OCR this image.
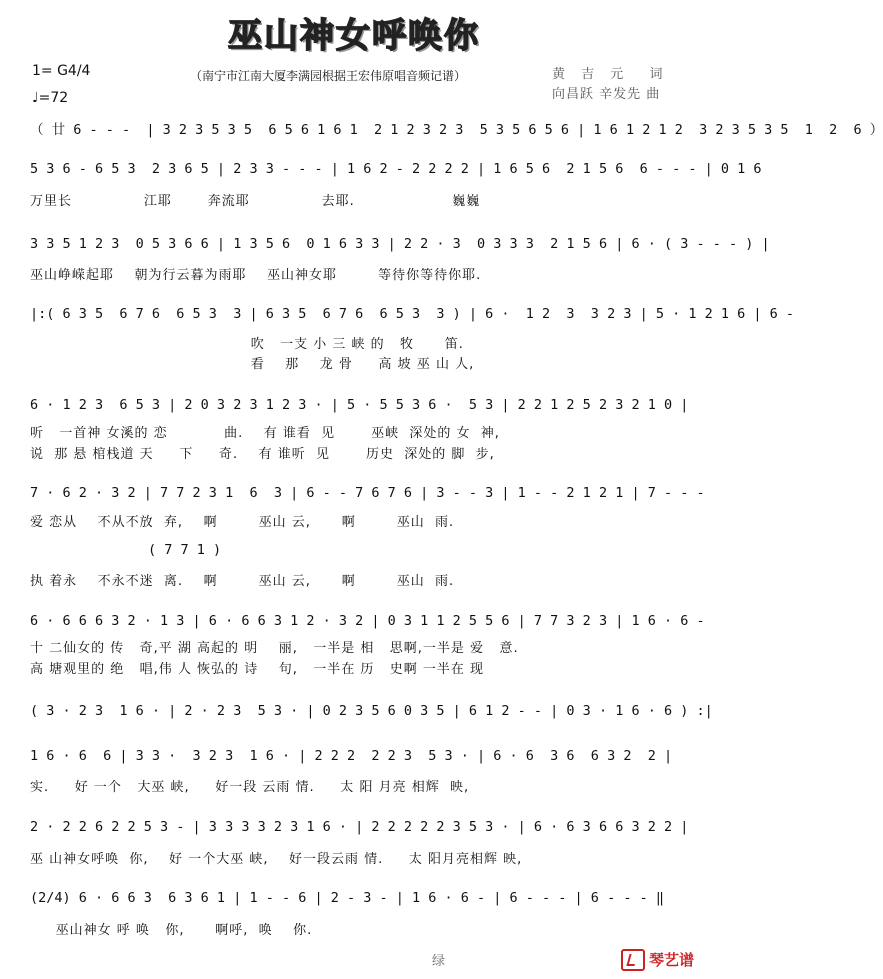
巫山神女呼唤你
1= G4/4
♩=72
（南宁市江南大厦李满园根据王宏伟原唱音频记谱）	黄 吉 元  词
向昌跃 辛发先 曲
（ 廿 6 - - -  | 3 2 3 5 3 5  6 5 6 1 6 1  2 1 2 3 2 3  5 3 5 6 5 6 | 1 6 1 2 1 2  3 2 3 5 3 5  1  2  6 ）
5 3 6 - 6 5 3  2 3 6 5 | 2 3 3 - - - | 1 6 2 - 2 2 2 2 | 1 6 5 6  2 1 5 6  6 - - - | 0 1 6
万里长              江耶       奔流耶              去耶.                   巍巍
3 3 5 1 2 3  0 5 3 6 6 | 1 3 5 6  0 1 6 3 3 | 2 2 · 3  0 3 3 3  2 1 5 6 | 6 · ( 3 - - - ) |
巫山峥嵘起耶    朝为行云暮为雨耶    巫山神女耶        等待你等待你耶.
|:( 6 3 5  6 7 6  6 5 3  3 | 6 3 5  6 7 6  6 5 3  3 ) | 6 ·  1 2  3  3 2 3 | 5 · 1 2 1 6 | 6 -
吹   一支 小 三 峡 的   牧      笛.
看    那    龙 骨     高 坡 巫 山 人,
6 · 1 2 3  6 5 3 | 2 0 3 2 3 1 2 3 · | 5 · 5 5 3 6 ·  5 3 | 2 2 1 2 5 2 3 2 1 0 |
听   一首神 女溪的 恋           曲.    有 谁看  见       巫峡  深处的 女  神,
说  那 悬 棺栈道 天     下     奇.    有 谁听  见       历史  深处的 脚  步,
7 · 6 2 · 3 2 | 7 7 2 3 1  6  3 | 6 - - 7 6 7 6 | 3 - - 3 | 1 - - 2 1 2 1 | 7 - - -
爱 恋从    不从不放  弃,    啊        巫山 云,      啊        巫山  雨.
( 7 7 1 )
执 着永    不永不迷  离.    啊        巫山 云,      啊        巫山  雨.
6 · 6 6 6 3 2 · 1 3 | 6 · 6 6 3 1 2 · 3 2 | 0 3 1 1 2 5 5 6 | 7 7 3 2 3 | 1 6 · 6 -
十 二仙女的 传   奇,平 湖 高起的 明    丽,   一半是 相   思啊,一半是 爱   意.
高 塘观里的 绝   唱,伟 人 恢弘的 诗    句,   一半在 历   史啊 一半在 现
( 3 · 2 3  1 6 · | 2 · 2 3  5 3 · | 0 2 3 5 6 0 3 5 | 6 1 2 - - | 0 3 · 1 6 · 6 ) :|
1 6 · 6  6 | 3 3 ·  3 2 3  1 6 · | 2 2 2  2 2 3  5 3 · | 6 · 6  3 6  6 3 2  2 |
实.     好 一个   大巫 峡,     好一段 云雨 情.     太 阳 月亮 相辉  映,
2 · 2 2 6 2 2 5 3 - | 3 3 3 3 2 3 1 6 · | 2 2 2 2 2 3 5 3 · | 6 · 6 3 6 6 3 2 2 |
巫 山神女呼唤  你,    好 一个大巫 峡,    好一段云雨 情.     太 阳月亮相辉 映,
(2/4) 6 · 6 6 3  6 3 6 1 | 1 - - 6 | 2 - 3 - | 1 6 · 6 - | 6 - - - | 6 - - - ‖
巫山神女 呼 唤   你,      啊呼,  唤    你.
绿	琴艺谱
